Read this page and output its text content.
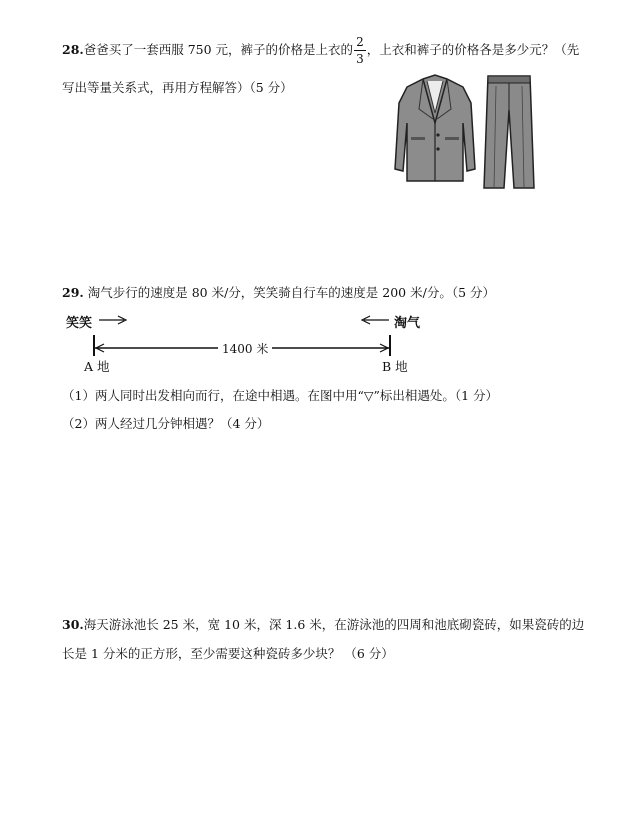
28.爸爸买了一套西服 750 元，裤子的价格是上衣的 $\frac{2}{3}$ ，上衣和裤子的价格各是多少元？（先
写出等量关系式，再用方程解答）（5 分）
29. 淘气步行的速度是 80 米/分，笑笑骑自行车的速度是 200 米/分。（5 分）
笑笑	淘气
1400 米
A 地	B 地
（1）两人同时出发相向而行，在途中相遇。在图中用“▽”标出相遇处。（1 分）
（2）两人经过几分钟相遇？（4 分）
30.海天游泳池长 25 米，宽 10 米，深 1.6 米，在游泳池的四周和池底砌瓷砖，如果瓷砖的边
长是 1 分米的正方形，至少需要这种瓷砖多少块？ （6 分）
